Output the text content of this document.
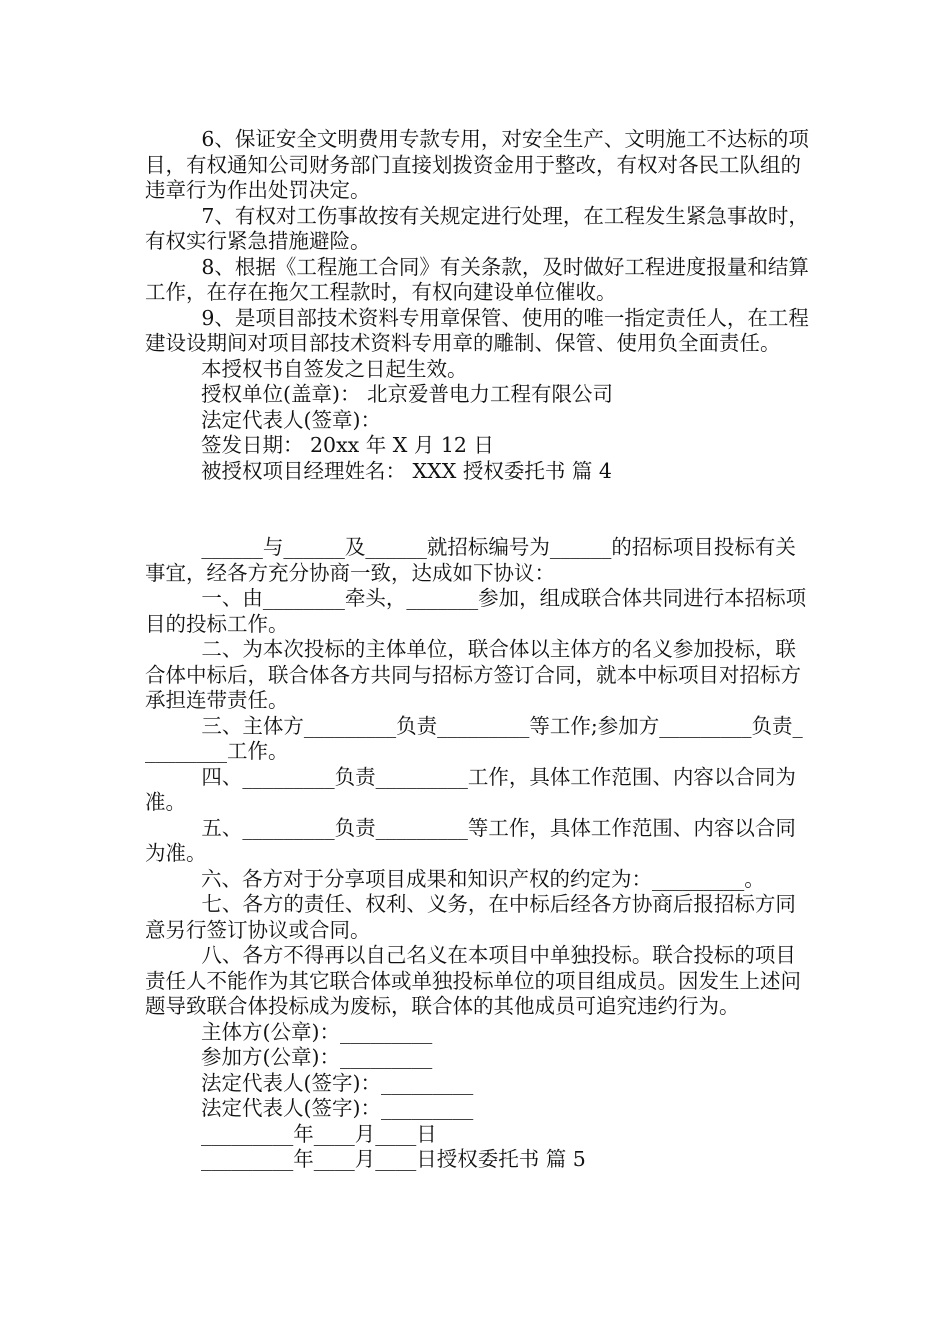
6、保证安全文明费用专款专用，对安全生产、文明施工不达标的项目，有权通知公司财务部门直接划拨资金用于整改，有权对各民工队组的违章行为作出处罚决定。

7、有权对工伤事故按有关规定进行处理，在工程发生紧急事故时，有权实行紧急措施避险。

8、根据《工程施工合同》有关条款，及时做好工程进度报量和结算工作，在存在拖欠工程款时，有权向建设单位催收。

9、是项目部技术资料专用章保管、使用的唯一指定责任人，在工程建设设期间对项目部技术资料专用章的雕制、保管、使用负全面责任。

本授权书自签发之日起生效。

授权单位(盖章)： 北京爱普电力工程有限公司

法定代表人(签章)：

签发日期： 20xx 年 X 月 12 日

被授权项目经理姓名： XXX 授权委托书 篇 4

______与______及______就招标编号为______的招标项目投标有关事宜，经各方充分协商一致，达成如下协议：

一、由________牵头，_______参加，组成联合体共同进行本招标项目的投标工作。

二、为本次投标的主体单位，联合体以主体方的名义参加投标，联合体中标后，联合体各方共同与招标方签订合同，就本中标项目对招标方承担连带责任。

三、主体方_________负责_________等工作;参加方_________负责_________工作。

四、_________负责_________工作，具体工作范围、内容以合同为准。

五、_________负责_________等工作，具体工作范围、内容以合同为准。

六、各方对于分享项目成果和知识产权的约定为：_________。

七、各方的责任、权利、义务，在中标后经各方协商后报招标方同意另行签订协议或合同。

八、各方不得再以自己名义在本项目中单独投标。联合投标的项目责任人不能作为其它联合体或单独投标单位的项目组成员。因发生上述问题导致联合体投标成为废标，联合体的其他成员可追究违约行为。

主体方(公章)：_________

参加方(公章)：_________

法定代表人(签字)：_________

法定代表人(签字)：_________

_________年____月____日

_________年____月____日授权委托书 篇 5
